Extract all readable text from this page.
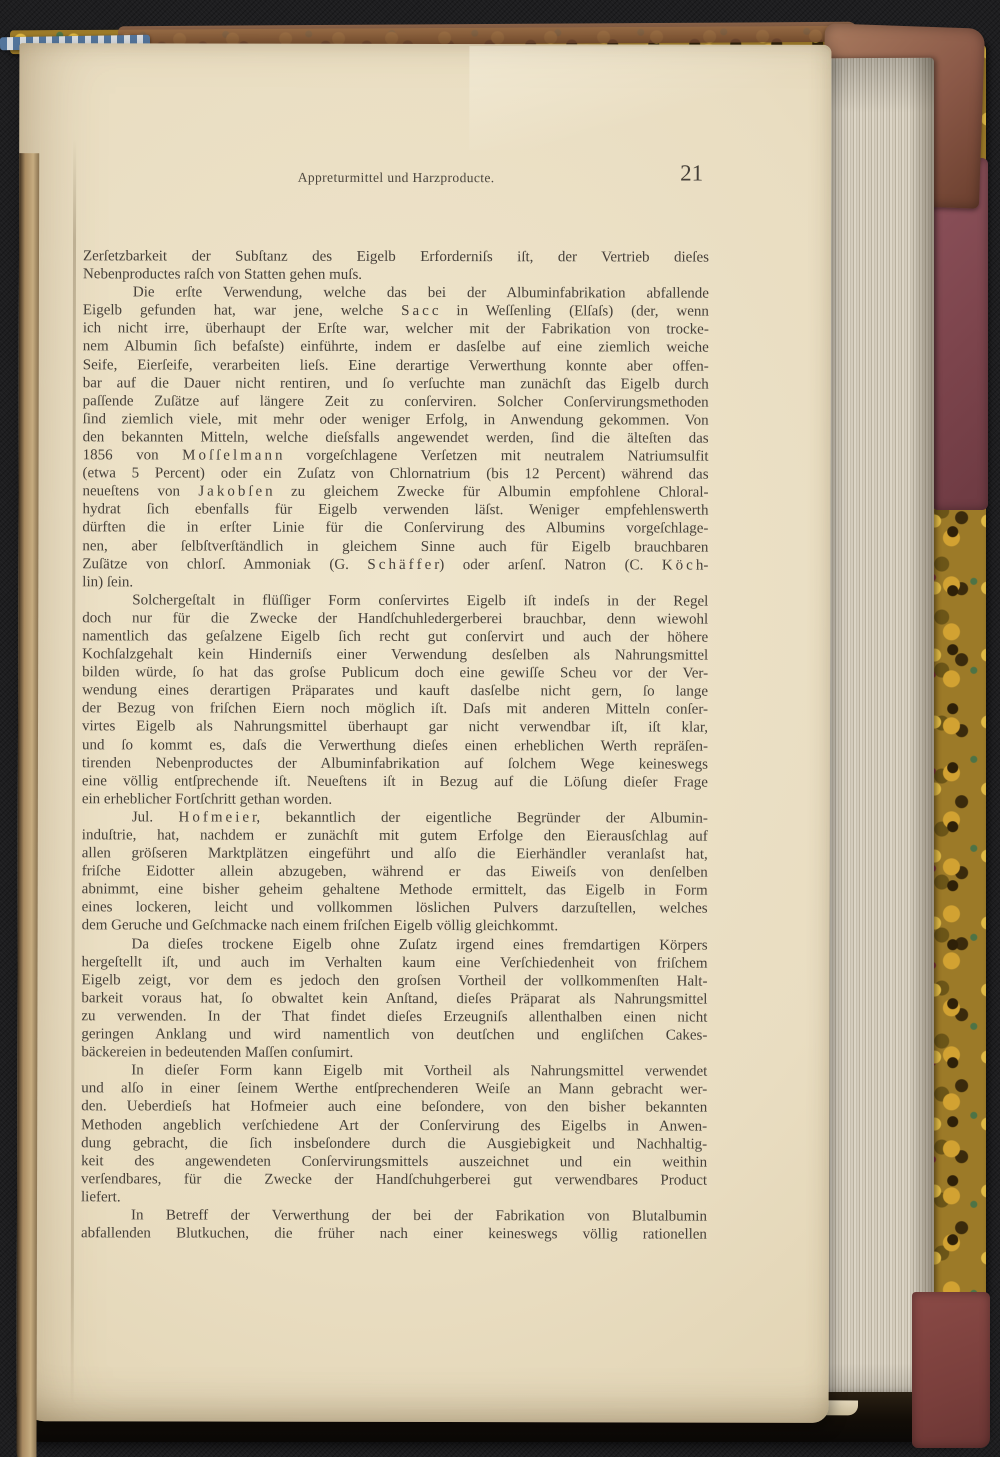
Appreturmittel und Harzproducte.	21
Zerſetzbarkeit der Subſtanz des Eigelb Erforderniſs iſt, der Vertrieb dieſes
Nebenproductes raſch von Statten gehen muſs.
Die erſte Verwendung, welche das bei der Albuminfabrikation abfallende
Eigelb gefunden hat, war jene, welche S a c c in Weſſenling (Elſaſs) (der, wenn
ich nicht irre, überhaupt der Erſte war, welcher mit der Fabrikation von trocke-
nem Albumin ſich befaſste) einführte, indem er dasſelbe auf eine ziemlich weiche
Seife, Eierſeife, verarbeiten lieſs. Eine derartige Verwerthung konnte aber offen-
bar auf die Dauer nicht rentiren, und ſo verſuchte man zunächſt das Eigelb durch
paſſende Zuſätze auf längere Zeit zu conſerviren. Solcher Conſervirungsmethoden
ſind ziemlich viele, mit mehr oder weniger Erfolg, in Anwendung gekommen. Von
den bekannten Mitteln, welche dieſsfalls angewendet werden, ſind die älteſten das
1856 von M o ſ ſ e l m a n n vorgeſchlagene Verſetzen mit neutralem Natriumsulfit
(etwa 5 Percent) oder ein Zuſatz von Chlornatrium (bis 12 Percent) während das
neueſtens von J a k o b ſ e n zu gleichem Zwecke für Albumin empfohlene Chloral-
hydrat ſich ebenfalls für Eigelb verwenden läſst. Weniger empfehlenswerth
dürften die in erſter Linie für die Conſervirung des Albumins vorgeſchlage-
nen, aber ſelbſtverſtändlich in gleichem Sinne auch für Eigelb brauchbaren
Zuſätze von chlorſ. Ammoniak (G. S c h ä f f e r) oder arſenſ. Natron (C. K ö c h-
lin) ſein.
Solchergeſtalt in flüſſiger Form conſervirtes Eigelb iſt indeſs in der Regel
doch nur für die Zwecke der Handſchuhledergerberei brauchbar, denn wiewohl
namentlich das geſalzene Eigelb ſich recht gut conſervirt und auch der höhere
Kochſalzgehalt kein Hinderniſs einer Verwendung desſelben als Nahrungsmittel
bilden würde, ſo hat das groſse Publicum doch eine gewiſſe Scheu vor der Ver-
wendung eines derartigen Präparates und kauft dasſelbe nicht gern, ſo lange
der Bezug von friſchen Eiern noch möglich iſt. Daſs mit anderen Mitteln conſer-
virtes Eigelb als Nahrungsmittel überhaupt gar nicht verwendbar iſt, iſt klar,
und ſo kommt es, daſs die Verwerthung dieſes einen erheblichen Werth repräſen-
tirenden Nebenproductes der Albuminfabrikation auf ſolchem Wege keineswegs
eine völlig entſprechende iſt. Neueſtens iſt in Bezug auf die Löſung dieſer Frage
ein erheblicher Fortſchritt gethan worden.
Jul. H o f m e i e r, bekanntlich der eigentliche Begründer der Albumin-
induſtrie, hat, nachdem er zunächſt mit gutem Erfolge den Eierausſchlag auf
allen gröſseren Marktplätzen eingeführt und alſo die Eierhändler veranlaſst hat,
friſche Eidotter allein abzugeben, während er das Eiweiſs von denſelben
abnimmt, eine bisher geheim gehaltene Methode ermittelt, das Eigelb in Form
eines lockeren, leicht und vollkommen löslichen Pulvers darzuſtellen, welches
dem Geruche und Geſchmacke nach einem friſchen Eigelb völlig gleichkommt.
Da dieſes trockene Eigelb ohne Zuſatz irgend eines fremdartigen Körpers
hergeſtellt iſt, und auch im Verhalten kaum eine Verſchiedenheit von friſchem
Eigelb zeigt, vor dem es jedoch den groſsen Vortheil der vollkommenſten Halt-
barkeit voraus hat, ſo obwaltet kein Anſtand, dieſes Präparat als Nahrungsmittel
zu verwenden. In der That findet dieſes Erzeugniſs allenthalben einen nicht
geringen Anklang und wird namentlich von deutſchen und engliſchen Cakes-
bäckereien in bedeutenden Maſſen conſumirt.
In dieſer Form kann Eigelb mit Vortheil als Nahrungsmittel verwendet
und alſo in einer ſeinem Werthe entſprechenderen Weiſe an Mann gebracht wer-
den. Ueberdieſs hat Hofmeier auch eine beſondere, von den bisher bekannten
Methoden angeblich verſchiedene Art der Conſervirung des Eigelbs in Anwen-
dung gebracht, die ſich insbeſondere durch die Ausgiebigkeit und Nachhaltig-
keit des angewendeten Conſervirungsmittels auszeichnet und ein weithin
verſendbares, für die Zwecke der Handſchuhgerberei gut verwendbares Product
liefert.
In Betreff der Verwerthung der bei der Fabrikation von Blutalbumin
abfallenden Blutkuchen, die früher nach einer keineswegs völlig rationellen
